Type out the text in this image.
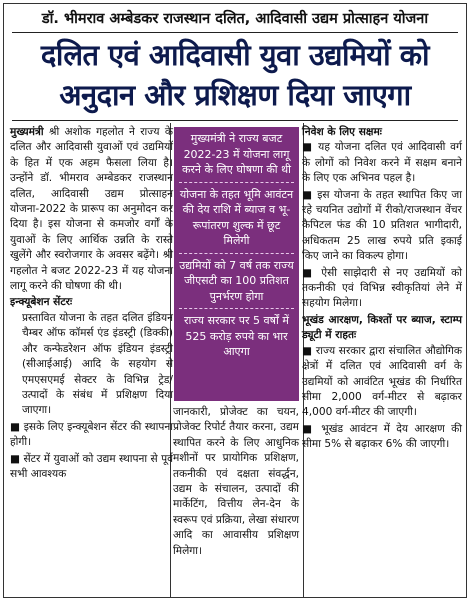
डॉ. भीमराव अम्बेडकर राजस्थान दलित, आदिवासी उद्यम प्रोत्साहन योजना
दलित एवं आदिवासी युवा उद्यमियों को
अनुदान और प्रशिक्षण दिया जाएगा

मुख्यमंत्री श्री अशोक गहलोत ने राज्य के दलित और आदिवासी युवाओं एवं उद्यमियों के हित में एक अहम फैसला लिया है। उन्होंने डॉ. भीमराव अम्बेडकर राजस्थान दलित, आदिवासी उद्यम प्रोत्साहन योजना-2022 के प्रारूप का अनुमोदन कर दिया है। इस योजना से कमजोर वर्गों के युवाओं के लिए आर्थिक उन्नति के रास्ते खुलेंगे और स्वरोजगार के अवसर बढ़ेंगे। श्री गहलोत ने बजट 2022-23 में यह योजना लागू करने की घोषणा की थी।

इन्क्यूबेशन सेंटरः

प्रस्तावित योजना के तहत दलित इंडियन चैम्बर ऑफ कॉमर्स एंड इंडस्ट्री (डिक्की) और कन्फेडरेशन ऑफ इंडियन इंडस्ट्री (सीआईआई) आदि के सहयोग से एमएसएमई सेक्टर के विभिन्न ट्रेड/उत्पादों के संबंध में प्रशिक्षण दिया जाएगा।

■ इसके लिए इन्क्यूबेशन सेंटर की स्थापना होगी।

■ सेंटर में युवाओं को उद्यम स्थापना से पूर्व सभी आवश्यक

मुख्यमंत्री ने राज्य बजट 2022-23 में योजना लागू करने के लिए घोषणा की थी
योजना के तहत भूमि आवंटन की देय राशि में ब्याज व भू-रूपांतरण शुल्क में छूट मिलेगी
उद्यमियों को 7 वर्ष तक राज्य जीएसटी का 100 प्रतिशत पुनर्भरण होगा
राज्य सरकार पर 5 वर्षों में 525 करोड़ रुपये का भार आएगा

जानकारी, प्रोजेक्ट का चयन, प्रोजेक्ट रिपोर्ट तैयार करना, उद्यम स्थापित करने के लिए आधुनिक मशीनों पर प्रायोगिक प्रशिक्षण, तकनीकी एवं दक्षता संवर्द्धन, उद्यम के संचालन, उत्पादों की मार्केटिंग, वित्तीय लेन-देन के स्वरूप एवं प्रक्रिया, लेखा संधारण आदि का आवासीय प्रशिक्षण मिलेगा।

निवेश के लिए सक्षमः

■ यह योजना दलित एवं आदिवासी वर्ग के लोगों को निवेश करने में सक्षम बनाने के लिए एक अभिनव पहल है।

■ इस योजना के तहत स्थापित किए जा रहे चयनित उद्योगों में रीको/राजस्थान वेंचर कैपिटल फंड की 10 प्रतिशत भागीदारी, अधिकतम 25 लाख रुपये प्रति इकाई किए जाने का विकल्प होगा।

■ ऐसी साझेदारी से नए उद्यमियों को तकनीकी एवं विभिन्न स्वीकृतियां लेने में सहयोग मिलेगा।

भूखंड आरक्षण, किश्तों पर ब्याज, स्टाम्प ड्यूटी में राहतः

■ राज्य सरकार द्वारा संचालित औद्योगिक क्षेत्रों में दलित एवं आदिवासी वर्ग के उद्यमियों को आवंटित भूखंड की निर्धारित सीमा 2,000 वर्ग-मीटर से बढ़ाकर 4,000 वर्ग-मीटर की जाएगी।

■ भूखंड आवंटन में देय आरक्षण की सीमा 5% से बढ़ाकर 6% की जाएगी।
